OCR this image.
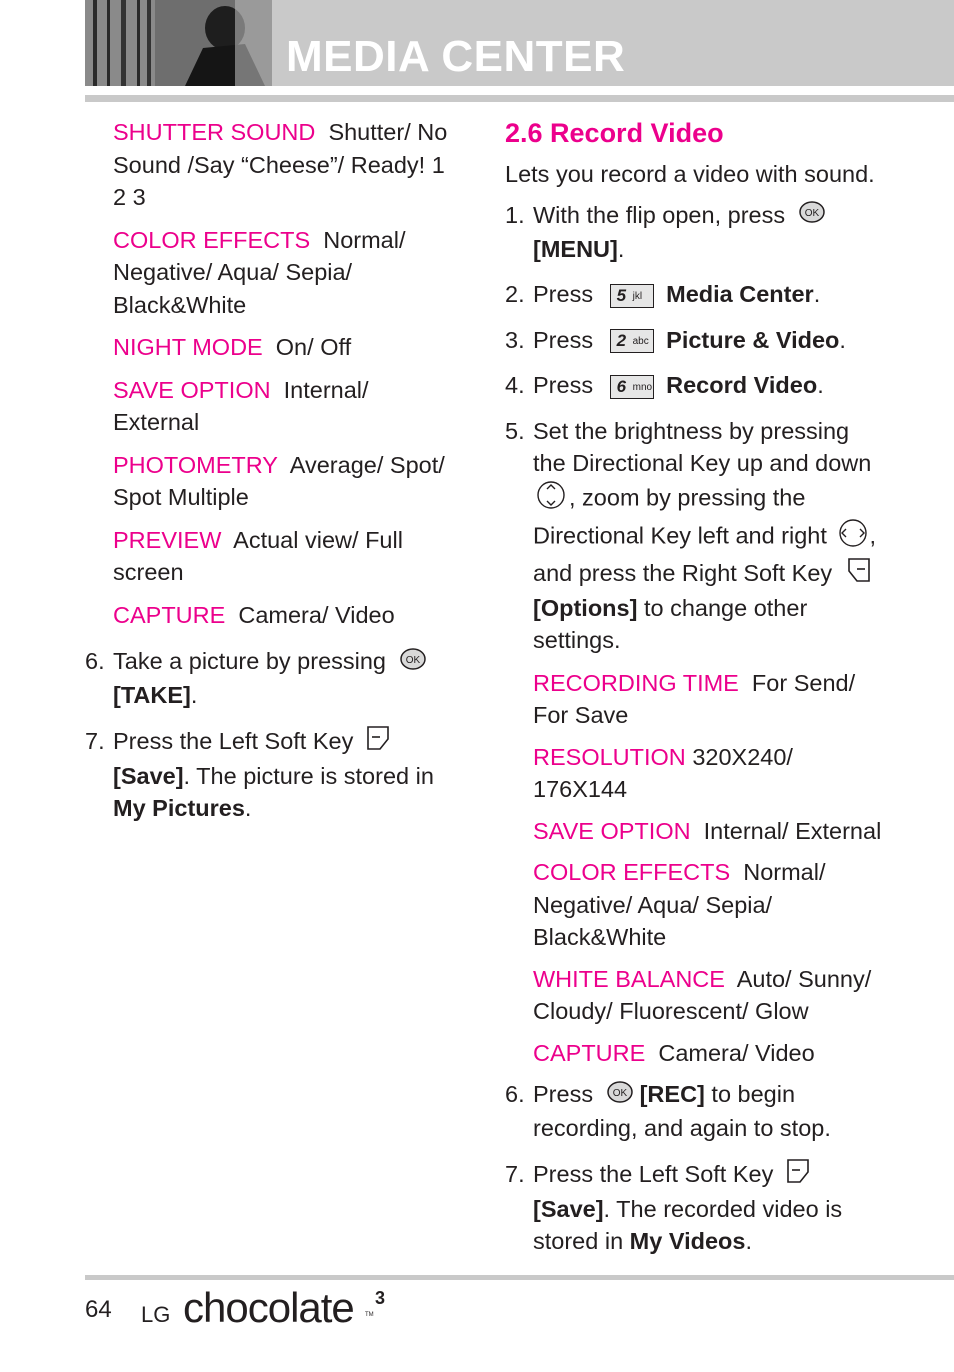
MEDIA CENTER
SHUTTER SOUND Shutter/ No Sound /Say “Cheese”/ Ready! 1 2 3
COLOR EFFECTS Normal/ Negative/ Aqua/ Sepia/ Black&White
NIGHT MODE On/ Off
SAVE OPTION Internal/ External
PHOTOMETRY Average/ Spot/ Spot Multiple
PREVIEW Actual view/ Full screen
CAPTURE Camera/ Video
6. Take a picture by pressing OK

[TAKE].
7. Press the Left Soft Key
[Save]. The picture is stored in
My Pictures.
2.6 Record Video
Lets you record a video with sound.
1. With the flip open, press OK

[MENU].
2. Press 5 jkl Media Center.
3. Press 2 abc Picture & Video.
4. Press 6 mno Record Video.
5. Set the brightness by pressing the Directional Key up and down , zoom by pressing the Directional Key left and right , and press the Right Soft Key
[Options] to change other settings.
RECORDING TIME For Send/ For Save
RESOLUTION 320X240/ 176X144
SAVE OPTION Internal/ External
COLOR EFFECTS Normal/ Negative/ Aqua/ Sepia/ Black&White
WHITE BALANCE Auto/ Sunny/ Cloudy/ Fluorescent/ Glow
CAPTURE Camera/ Video
6. Press OK [REC] to begin recording, and again to stop.
7. Press the Left Soft Key
[Save]. The recorded video is stored in My Videos.
64 LG chocolate TM
3
